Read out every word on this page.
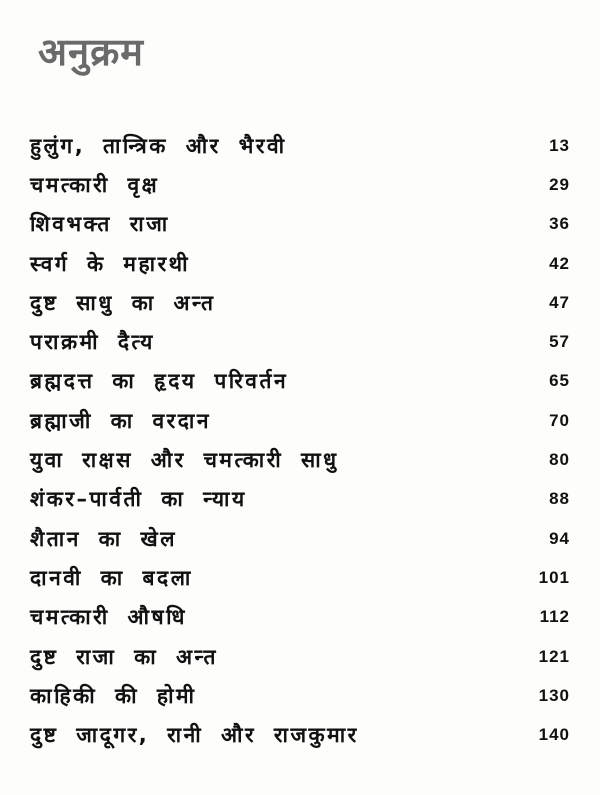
अनुक्रम
हुलुंग, तान्त्रिक और भैरवी	13
चमत्कारी वृक्ष	29
शिवभक्त राजा	36
स्वर्ग के महारथी	42
दुष्ट साधु का अन्त	47
पराक्रमी दैत्य	57
ब्रह्मदत्त का हृदय परिवर्तन	65
ब्रह्माजी का वरदान	70
युवा राक्षस और चमत्कारी साधु	80
शंकर–पार्वती का न्याय	88
शैतान का खेल	94
दानवी का बदला	101
चमत्कारी औषधि	112
दुष्ट राजा का अन्त	121
काहिकी की होमी	130
दुष्ट जादूगर, रानी और राजकुमार	140
